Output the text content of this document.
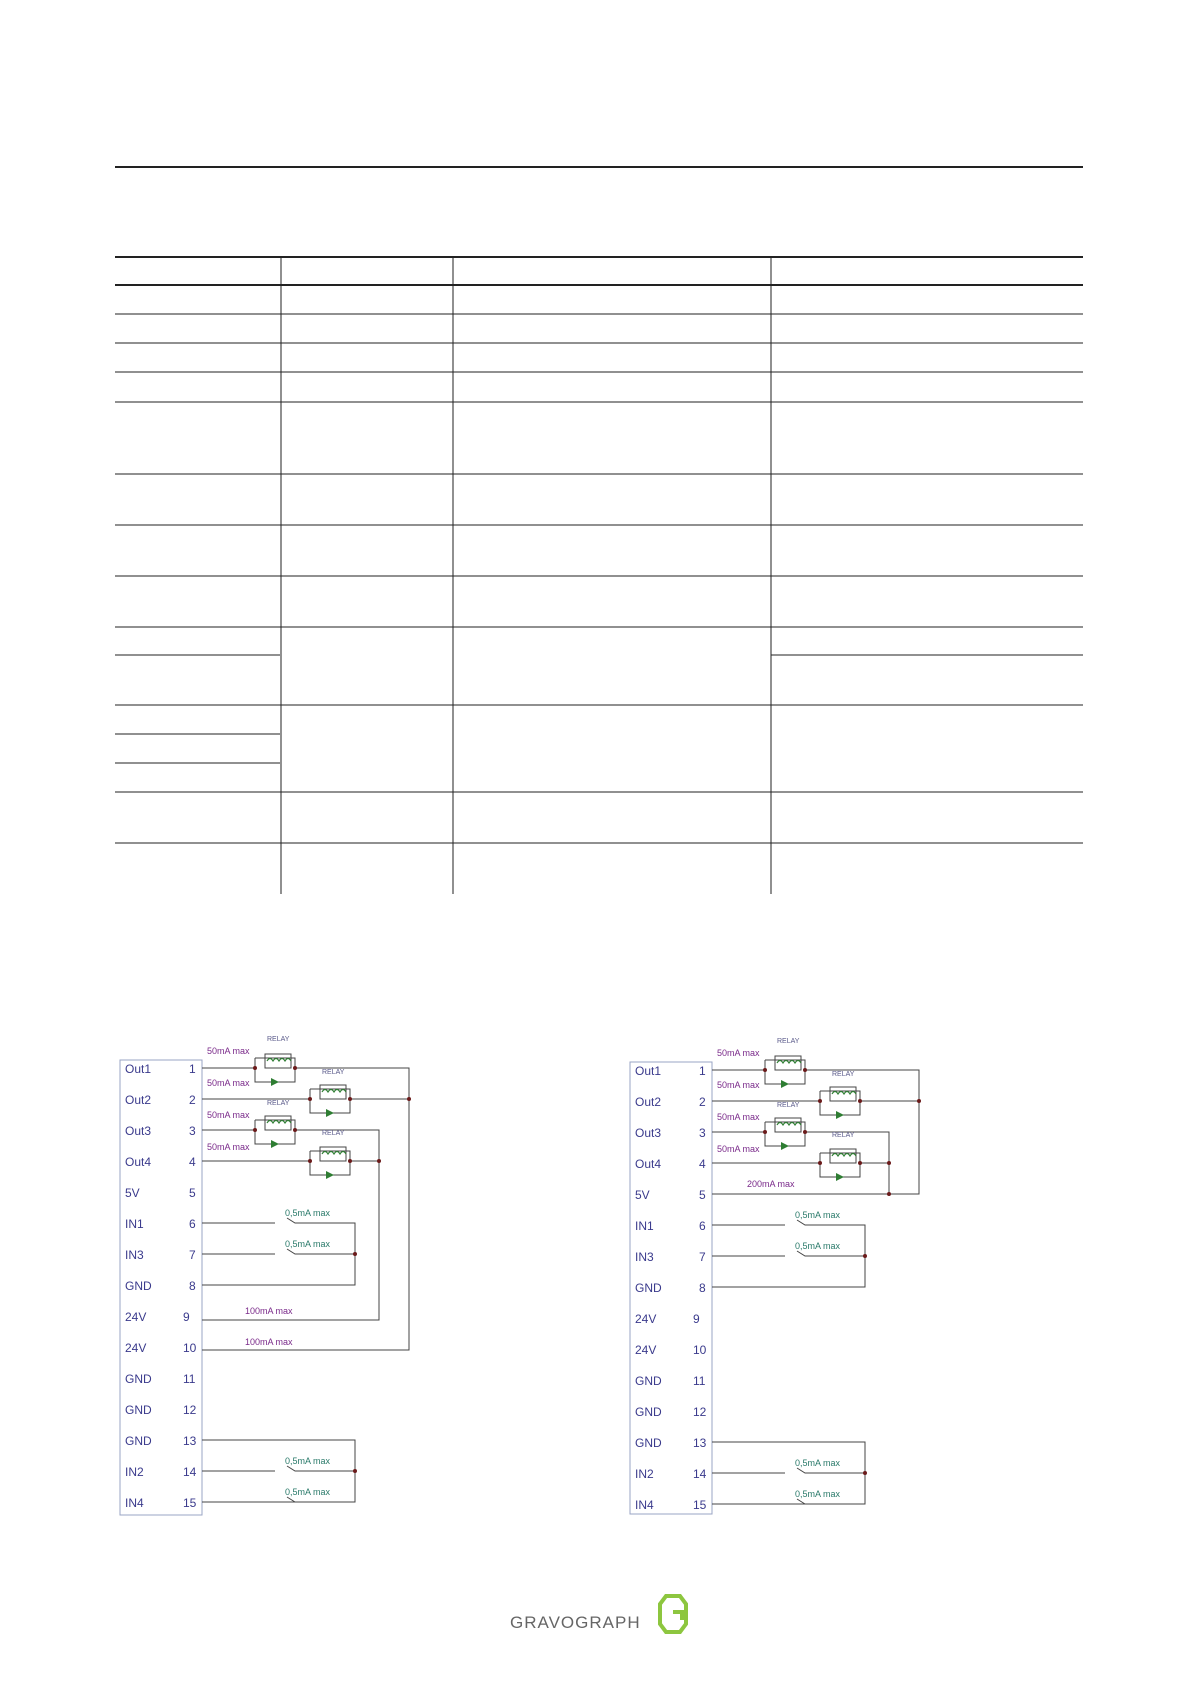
Out1	1
Out2	2
Out3	3
Out4	4
5V	5
IN1	6
IN3	7
GND	8
24V	9
24V	10
GND	11
GND	12
GND	13
IN2	14
IN4	15
50mA max
RELAY
50mA max
RELAY
50mA max
RELAY
50mA max
RELAY
0,5mA max
0,5mA max
100mA max
100mA max
0,5mA max
0,5mA max
Out1	1
Out2	2
Out3	3
Out4	4
5V	5
IN1	6
IN3	7
GND	8
24V	9
24V	10
GND	11
GND	12
GND	13
IN2	14
IN4	15
50mA max
RELAY
50mA max
RELAY
50mA max
RELAY
50mA max
RELAY
200mA max
0,5mA max
0,5mA max
0,5mA max
0,5mA max
GRAVOGRAPH
